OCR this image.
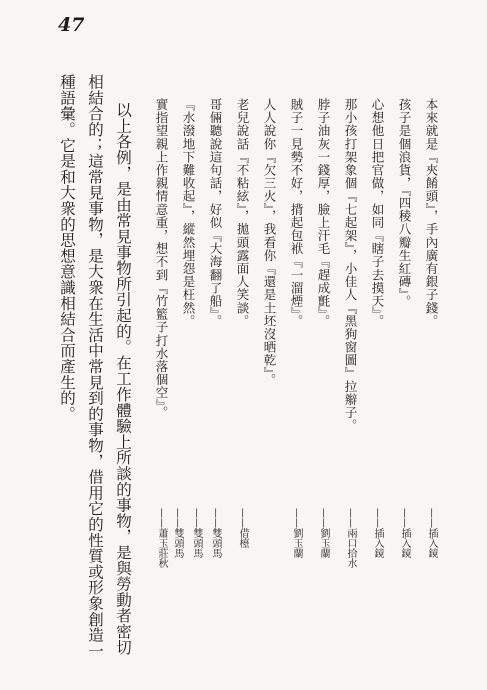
47
本來就是『夾餚頭』，手內廣有銀子錢。
孩子是個浪貨，『四稜八瓣生紅磚』。
心想他日把官做，如同『瞎子去摸天』。
那小孩打架象個『七起架』，小佳人『黑狗窗圖』拉辮子。
脖子油灰一錢厚，臉上汗毛『趕成氈』。
賊子一見勢不好，揹起包袱『一溜煙』。
人人說你『欠三火』，我看你『還是土坯沒晒乾』。
老兒說話『不粘絃』，拋頭露面人笑談。
哥倆聽說這句話，好似『大海翻了船』。
『水潑地下難收起』，縱然埋怨是枉然。
實指望親上作親情意重，想不到『竹籃子打水落個空』。
——插入鏡
——插入鏡
——插入鏡
——兩口拾水
——劉玉蘭
——劉玉蘭
——借檯
——雙頭馬
——雙頭馬
——雙頭馬
——蕭玉莊秋
以上各例，是由常見事物所引起的。在工作體驗上所談的事物，是與勞動者密切
相結合的；這常見事物，是大衆在生活中常見到的事物，借用它的性質或形象創造一
種語彙。它是和大衆的思想意識相結合而產生的。
